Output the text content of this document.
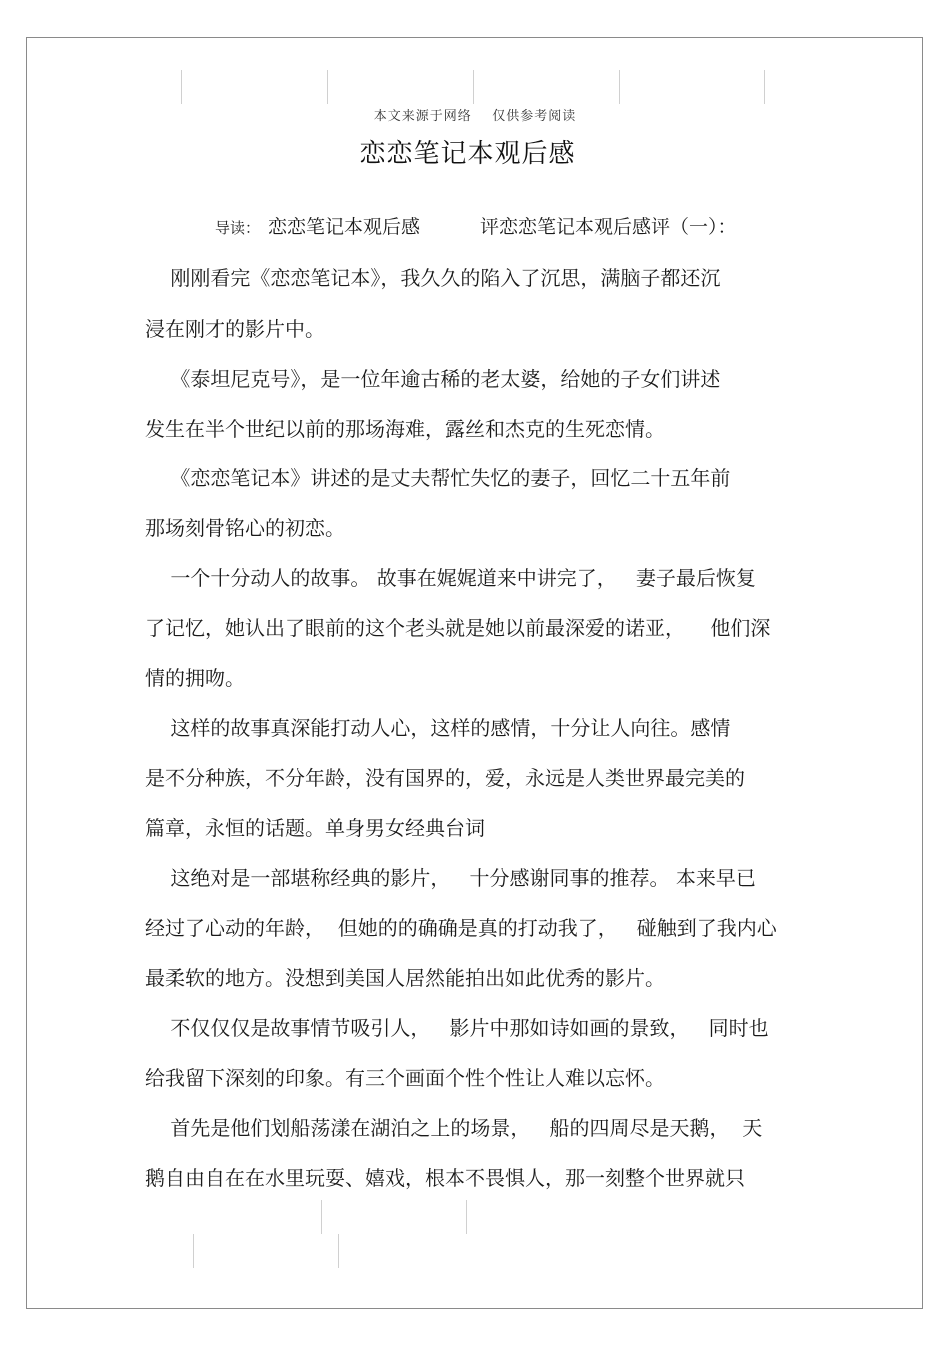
本文来源于网络    仅供参考阅读
恋恋笔记本观后感
导读： 恋恋笔记本观后感	评恋恋笔记本观后感评（一）：
刚刚看完《恋恋笔记本》，我久久的陷入了沉思，满脑子都还沉
浸在刚才的影片中。
《泰坦尼克号》，是一位年逾古稀的老太婆，给她的子女们讲述
发生在半个世纪以前的那场海难，露丝和杰克的生死恋情。
《恋恋笔记本》讲述的是丈夫帮忙失忆的妻子，回忆二十五年前
那场刻骨铭心的初恋。
一个十分动人的故事。 故事在娓娓道来中讲完了，   妻子最后恢复
了记忆，她认出了眼前的这个老头就是她以前最深爱的诺亚，    他们深
情的拥吻。
这样的故事真深能打动人心，这样的感情，十分让人向往。感情
是不分种族，不分年龄，没有国界的，爱，永远是人类世界最完美的
篇章，永恒的话题。单身男女经典台词
这绝对是一部堪称经典的影片，   十分感谢同事的推荐。 本来早已
经过了心动的年龄，  但她的的确确是真的打动我了，   碰触到了我内心
最柔软的地方。没想到美国人居然能拍出如此优秀的影片。
不仅仅仅是故事情节吸引人，   影片中那如诗如画的景致，   同时也
给我留下深刻的印象。有三个画面个性个性让人难以忘怀。
首先是他们划船荡漾在湖泊之上的场景，   船的四周尽是天鹅，  天
鹅自由自在在水里玩耍、嬉戏，根本不畏惧人，那一刻整个世界就只
